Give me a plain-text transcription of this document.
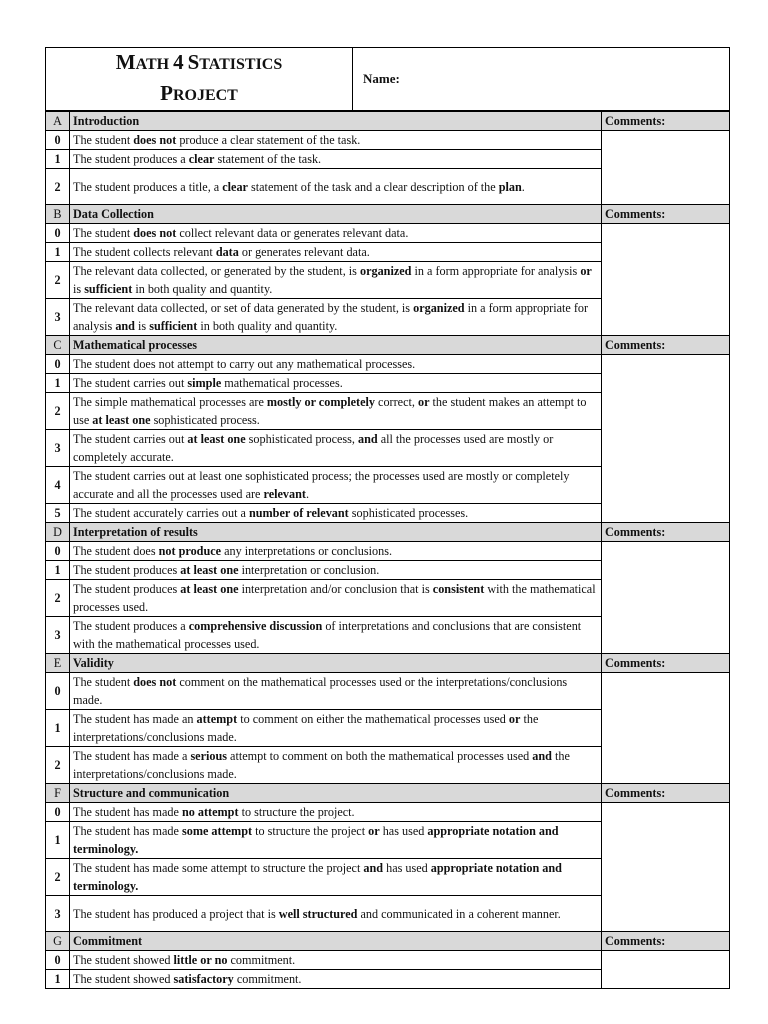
MATH 4 STATISTICS
PROJECT
	Name:
A	Introduction	Comments:
0	The student does not produce a clear statement of the task.	
1	The student produces a clear statement of the task.	
2	The student produces a title, a clear statement of the task and a clear description of the plan.	
B	Data Collection	Comments:
0	The student does not collect relevant data or generates relevant data.	
1	The student collects relevant data or generates relevant data.	
2	The relevant data collected, or generated by the student, is organized in a form appropriate for analysis or is sufficient in both quality and quantity.	
3	The relevant data collected, or set of data generated by the student, is organized in a form appropriate for analysis and is sufficient in both quality and quantity.	
C	Mathematical processes	Comments:
0	The student does not attempt to carry out any mathematical processes.	
1	The student carries out simple mathematical processes.	
2	The simple mathematical processes are mostly or completely correct, or the student makes an attempt to use at least one sophisticated process.	
3	The student carries out at least one sophisticated process, and all the processes used are mostly or completely accurate.	
4	The student carries out at least one sophisticated process; the processes used are mostly or completely accurate and all the processes used are relevant.	
5	The student accurately carries out a number of relevant sophisticated processes.	
D	Interpretation of results	Comments:
0	The student does not produce any interpretations or conclusions.	
1	The student produces at least one interpretation or conclusion.	
2	The student produces at least one interpretation and/or conclusion that is consistent with the mathematical processes used.	
3	The student produces a comprehensive discussion of interpretations and conclusions that are consistent with the mathematical processes used.	
E	Validity	Comments:
0	The student does not comment on the mathematical processes used or the interpretations/conclusions made.	
1	The student has made an attempt to comment on either the mathematical processes used or the interpretations/conclusions made.	
2	The student has made a serious attempt to comment on both the mathematical processes used and the interpretations/conclusions made.	
F	Structure and communication	Comments:
0	The student has made no attempt to structure the project.	
1	The student has made some attempt to structure the project or has used appropriate notation and terminology.	
2	The student has made some attempt to structure the project and has used appropriate notation and terminology.	
3	The student has produced a project that is well structured and communicated in a coherent manner.	
G	Commitment	Comments:
0	The student showed little or no commitment.	
1	The student showed satisfactory commitment.	
